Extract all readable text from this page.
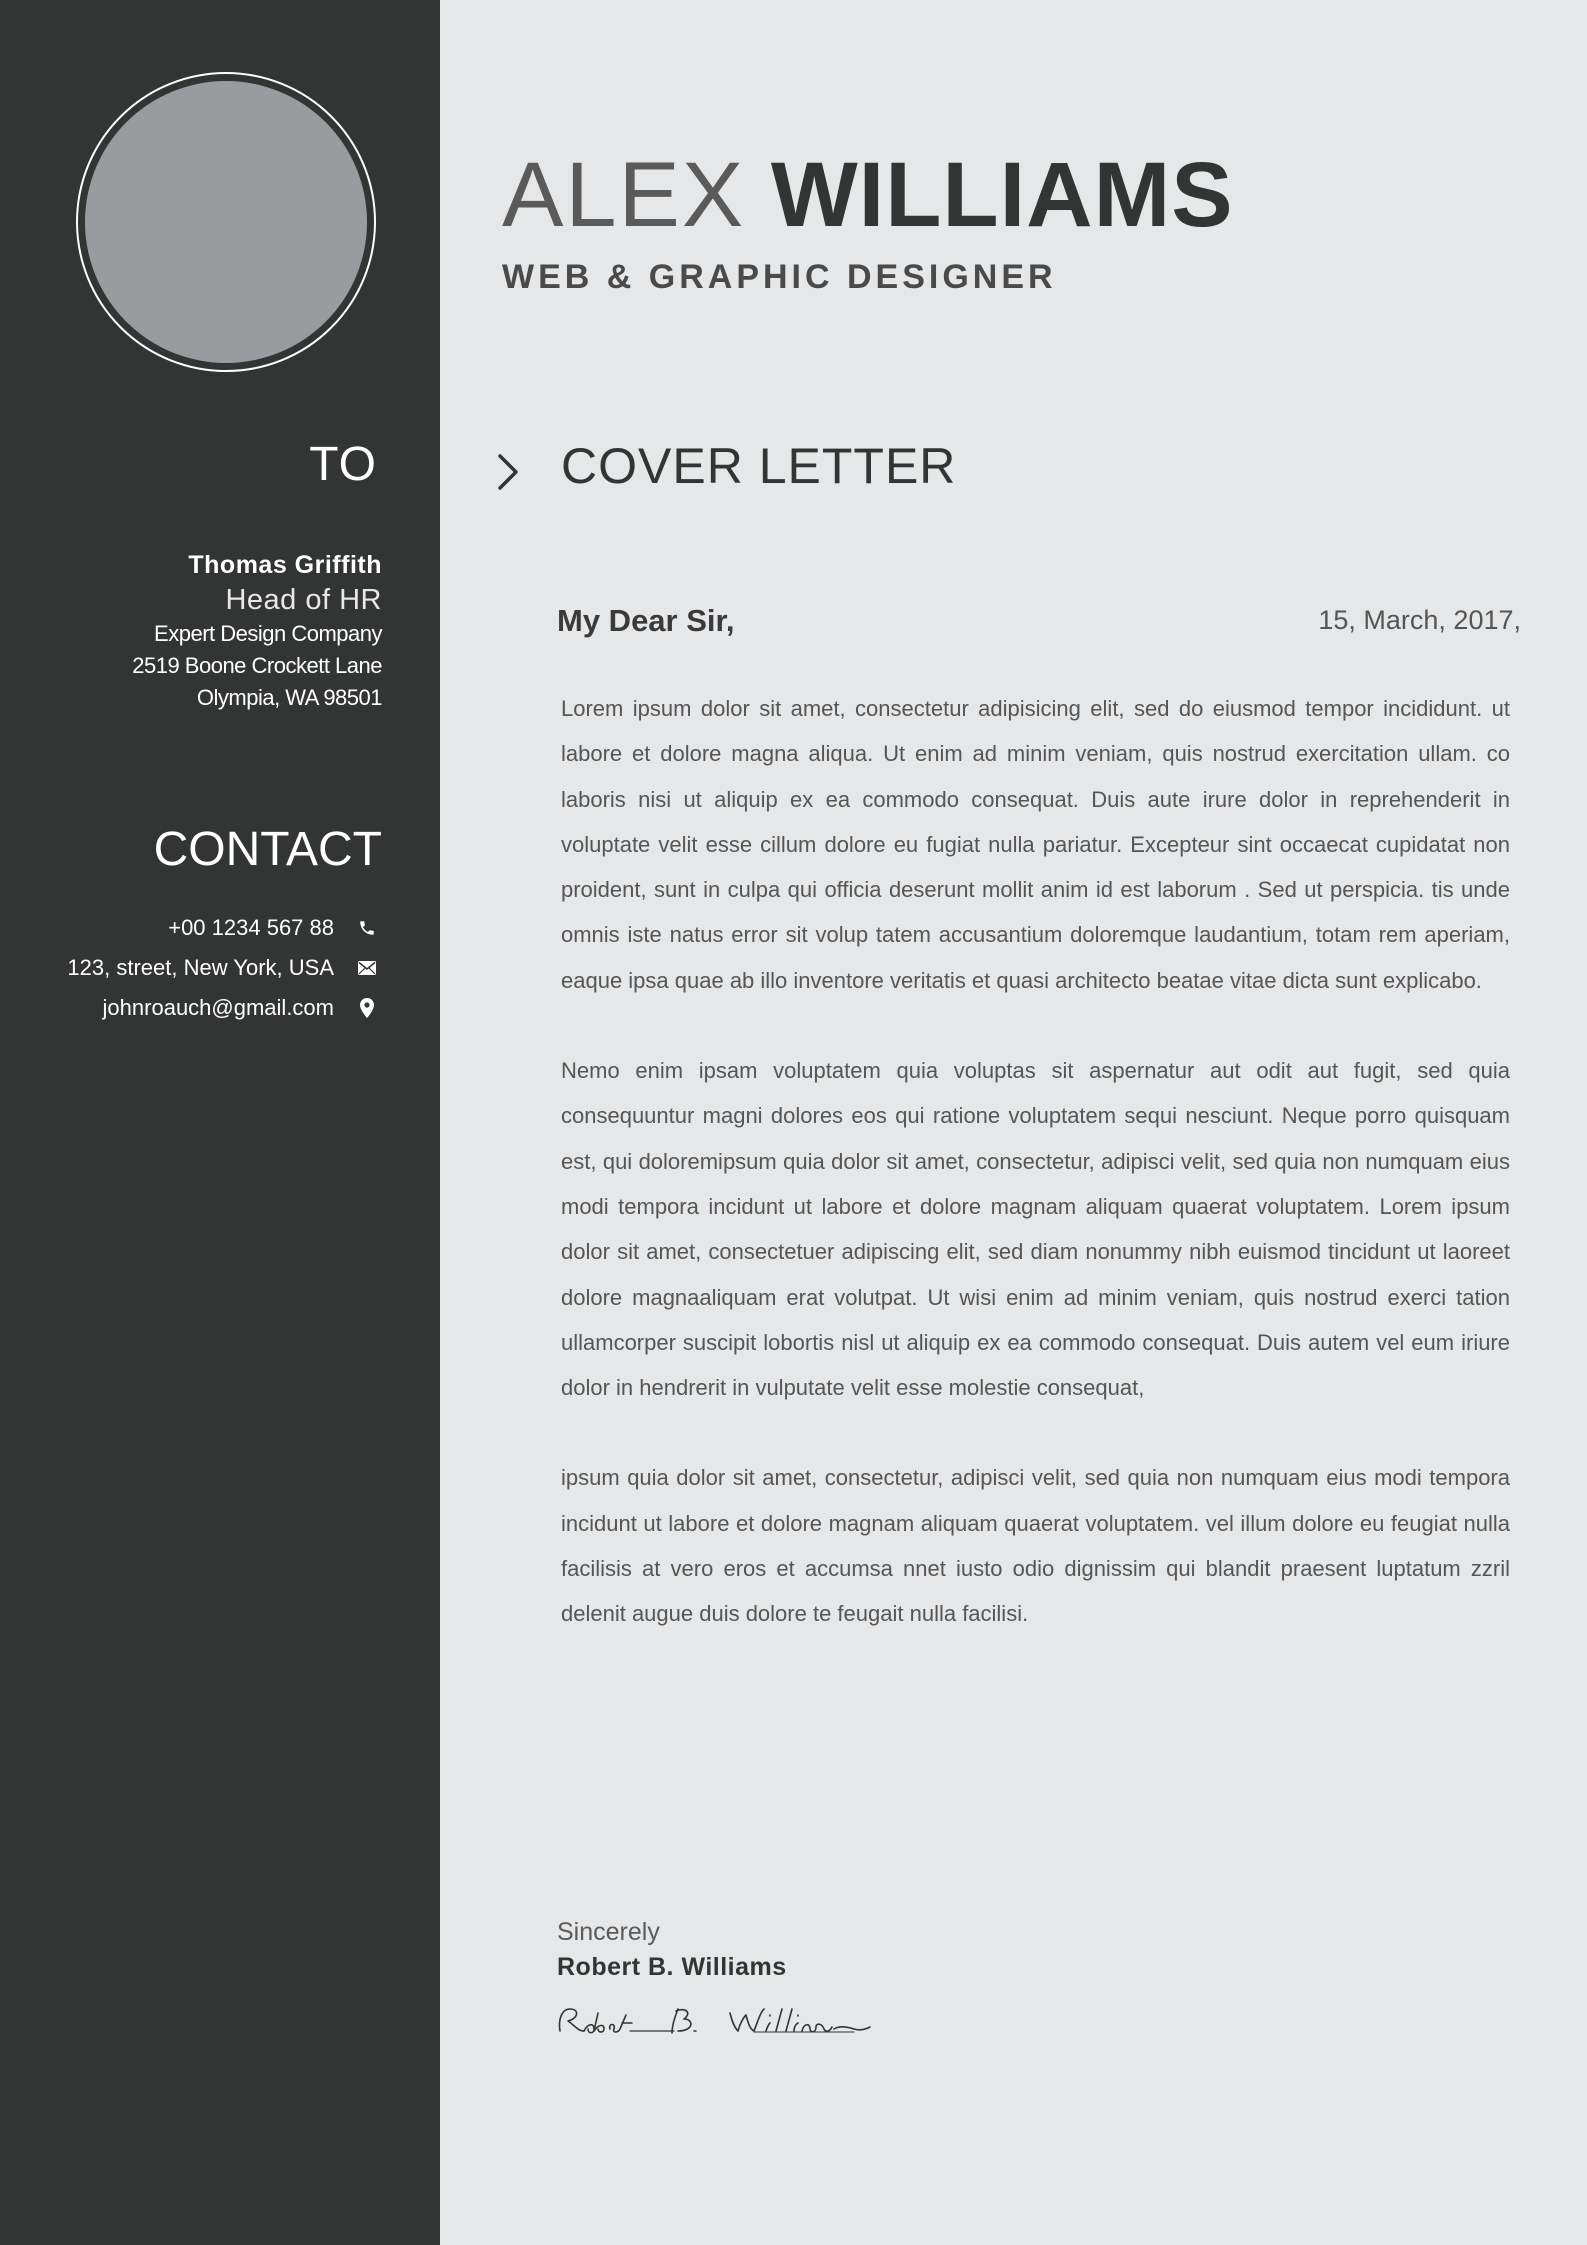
TO
Thomas Griffith
Head of HR
Expert Design Company
2519 Boone Crockett Lane
Olympia, WA 98501
CONTACT
+00 1234 567 88
123, street, New York, USA
johnroauch@gmail.com
ALEX WILLIAMS
WEB & GRAPHIC DESIGNER
COVER LETTER
My Dear Sir,	15, March, 2017,

Lorem ipsum dolor sit amet, consectetur adipisicing elit, sed do eiusmod tempor incididunt. ut labore et dolore magna aliqua. Ut enim ad minim veniam, quis nostrud exercitation ullam. co laboris nisi ut aliquip ex ea commodo consequat. Duis aute irure dolor in reprehenderit in voluptate velit esse cillum dolore eu fugiat nulla pariatur. Excepteur sint occaecat cupidatat non proident, sunt in culpa qui officia deserunt mollit anim id est laborum . Sed ut perspicia. tis unde omnis iste natus error sit volup tatem accusantium doloremque laudantium, totam rem aperiam, eaque ipsa quae ab illo inventore veritatis et quasi architecto beatae vitae dicta sunt explicabo.

Nemo enim ipsam voluptatem quia voluptas sit aspernatur aut odit aut fugit, sed quia consequuntur magni dolores eos qui ratione voluptatem sequi nesciunt. Neque porro quisquam est, qui doloremipsum quia dolor sit amet, consectetur, adipisci velit, sed quia non numquam eius modi tempora incidunt ut labore et dolore magnam aliquam quaerat voluptatem. Lorem ipsum dolor sit amet, consectetuer adipiscing elit, sed diam nonummy nibh euismod tincidunt ut laoreet dolore magnaaliquam erat volutpat. Ut wisi enim ad minim veniam, quis nostrud exerci tation ullamcorper suscipit lobortis nisl ut aliquip ex ea commodo consequat. Duis autem vel eum iriure dolor in hendrerit in vulputate velit esse molestie consequat,

ipsum quia dolor sit amet, consectetur, adipisci velit, sed quia non numquam eius modi tempora incidunt ut labore et dolore magnam aliquam quaerat voluptatem. vel illum dolore eu feugiat nulla facilisis at vero eros et accumsa nnet iusto odio dignissim qui blandit praesent luptatum zzril delenit augue duis dolore te feugait nulla facilisi.

Sincerely
Robert B. Williams
